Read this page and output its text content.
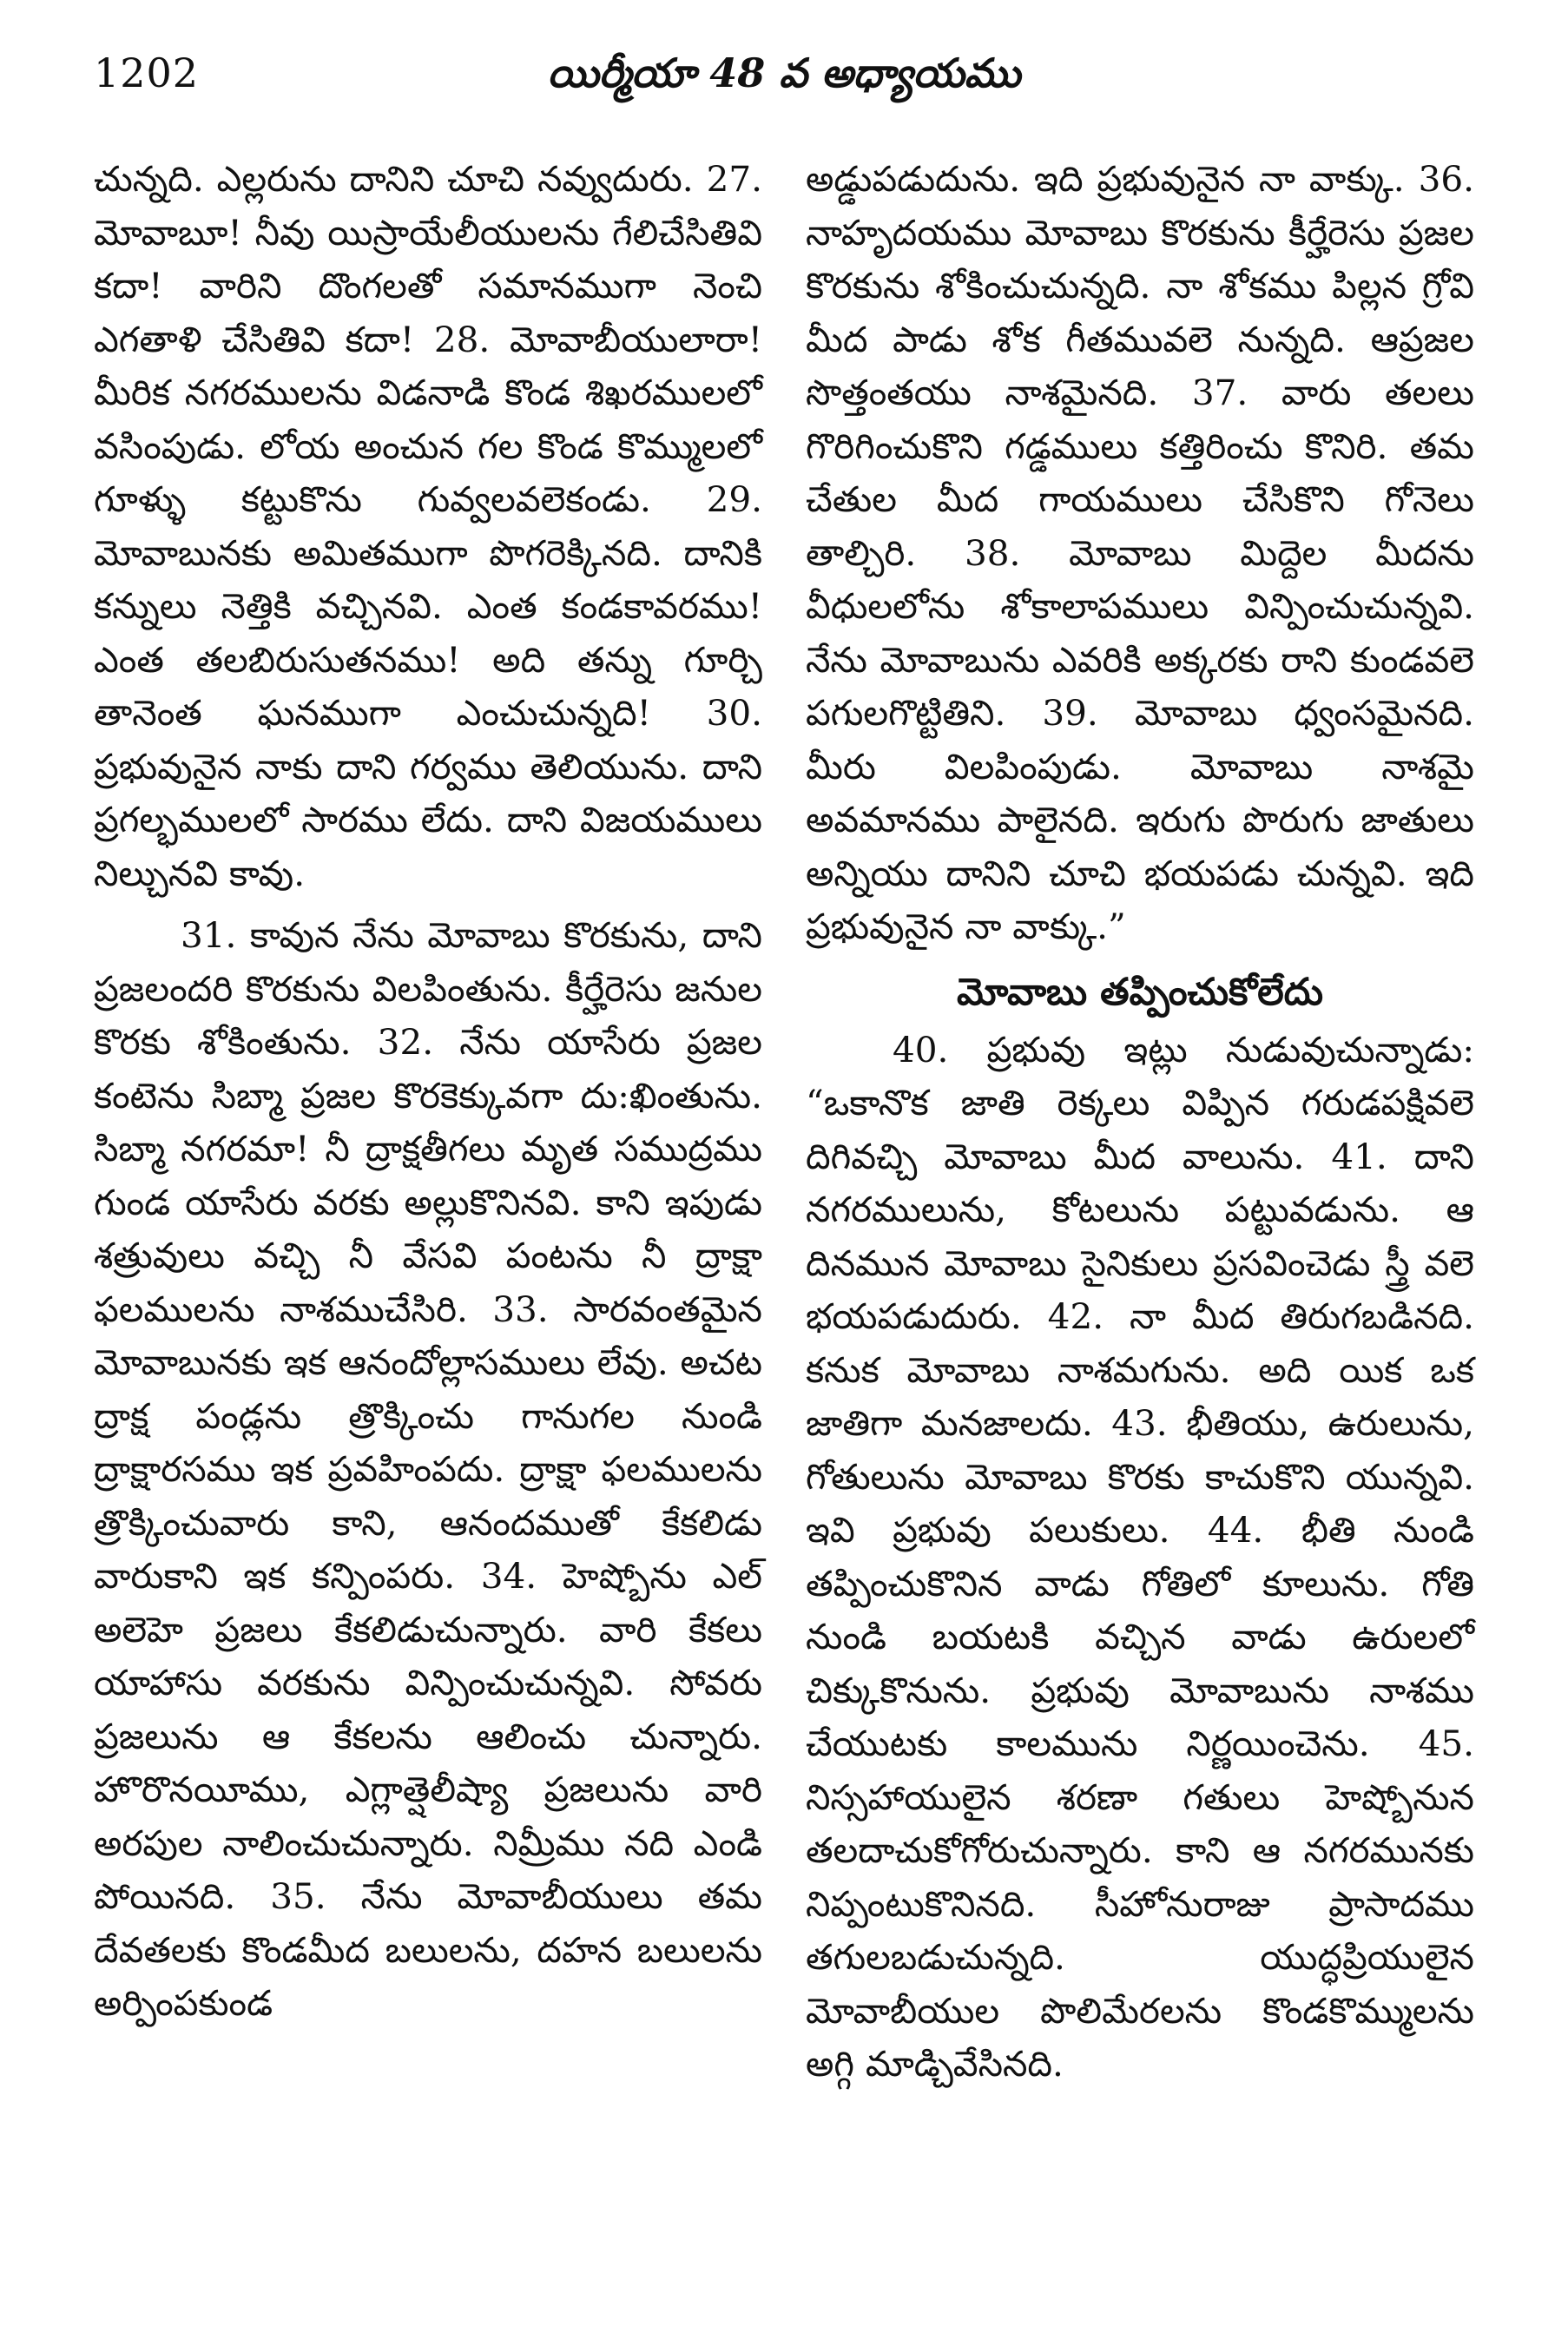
1202	యిర్మీయా 48 వ అధ్యాయము

చున్నది. ఎల్లరును దానిని చూచి నవ్వుదురు. 27. మోవాబూ! నీవు యిస్రాయేలీయులను గేలిచేసితివి కదా! వారిని దొంగలతో సమానముగా నెంచి ఎగతాళి చేసితివి కదా! 28. మోవాబీయులారా! మీరిక నగరములను విడనాడి కొండ శిఖరములలో వసింపుడు. లోయ అంచున గల కొండ కొమ్ములలో గూళ్ళు కట్టుకొను గువ్వలవలెకండు. 29. మోవాబునకు అమితముగా పొగరెక్కినది. దానికి కన్నులు నెత్తికి వచ్చినవి. ఎంత కండకావరము! ఎంత తలబిరుసుతనము! అది తన్ను గూర్చి తానెంత ఘనముగా ఎంచుచున్నది! 30. ప్రభువునైన నాకు దాని గర్వము తెలియును. దాని ప్రగల్భములలో సారము లేదు. దాని విజయములు నిల్చునవి కావు.

31. కావున నేను మోవాబు కొరకును, దాని ప్రజలందరి కొరకును విలపింతును. కీర్హేరెసు జనుల కొరకు శోకింతును. 32. నేను యాసేరు ప్రజల కంటెను సిబ్మా ప్రజల కొరకెక్కువగా దు:ఖింతును. సిబ్మా నగరమా! నీ ద్రాక్షతీగలు మృత సముద్రము గుండ యాసేరు వరకు అల్లుకొనినవి. కాని ఇపుడు శత్రువులు వచ్చి నీ వేసవి పంటను నీ ద్రాక్షా ఫలములను నాశముచేసిరి. 33. సారవంతమైన మోవాబునకు ఇక ఆనందోల్లాసములు లేవు. అచట ద్రాక్ష పండ్లను త్రొక్కించు గానుగల నుండి ద్రాక్షారసము ఇక ప్రవహింపదు. ద్రాక్షా ఫలములను త్రొక్కించువారు కాని, ఆనందముతో కేకలిడు వారుకాని ఇక కన్పింపరు. 34. హెష్బోను ఎల్ అలెహె ప్రజలు కేకలిడుచున్నారు. వారి కేకలు యాహాసు వరకును విన్పించుచున్నవి. సోవరు ప్రజలును ఆ కేకలను ఆలించు చున్నారు. హొరొనయీము, ఎగ్లాత్షెలీష్యా ప్రజలును వారి అరపుల నాలించుచున్నారు. నిమ్రీము నది ఎండి పోయినది. 35. నేను మోవాబీయులు తమ దేవతలకు కొండమీద బలులను, దహన బలులను అర్పింపకుండ

అడ్డుపడుదును. ఇది ప్రభువునైన నా వాక్కు. 36. నాహృదయము మోవాబు కొరకును కీర్హేరెసు ప్రజల కొరకును శోకించుచున్నది. నా శోకము పిల్లన గ్రోవి మీద పాడు శోక గీతమువలె నున్నది. ఆప్రజల సొత్తంతయు నాశమైనది. 37. వారు తలలు గొరిగించుకొని గడ్డములు కత్తిరించు కొనిరి. తమ చేతుల మీద గాయములు చేసికొని గోనెలు తాల్చిరి. 38. మోవాబు మిద్దెల మీదను వీధులలోను శోకాలాపములు విన్పించుచున్నవి. నేను మోవాబును ఎవరికి అక్కరకు రాని కుండవలె పగులగొట్టితిని. 39. మోవాబు ధ్వంసమైనది. మీరు విలపింపుడు. మోవాబు నాశమై అవమానము పాలైనది. ఇరుగు పొరుగు జాతులు అన్నియు దానిని చూచి భయపడు చున్నవి. ఇది ప్రభువునైన నా వాక్కు.”

మోవాబు తప్పించుకోలేదు

40. ప్రభువు ఇట్లు నుడువుచున్నాడు: “ఒకానొక జాతి రెక్కలు విప్పిన గరుడపక్షివలె దిగివచ్చి మోవాబు మీద వాలును. 41. దాని నగరములును, కోటలును పట్టువడును. ఆ దినమున మోవాబు సైనికులు ప్రసవించెడు స్త్రీ వలె భయపడుదురు. 42. నా మీద తిరుగబడినది. కనుక మోవాబు నాశమగును. అది యిక ఒక జాతిగా మనజాలదు. 43. భీతియు, ఉరులును, గోతులును మోవాబు కొరకు కాచుకొని యున్నవి. ఇవి ప్రభువు పలుకులు. 44. భీతి నుండి తప్పించుకొనిన వాడు గోతిలో కూలును. గోతి నుండి బయటకి వచ్చిన వాడు ఉరులలో చిక్కుకొనును. ప్రభువు మోవాబును నాశము చేయుటకు కాలమును నిర్ణయించెను. 45. నిస్సహాయులైన శరణా గతులు హెష్బోనున తలదాచుకోగోరుచున్నారు. కాని ఆ నగరమునకు నిప్పంటుకొనినది. సీహోనురాజు ప్రాసాదము తగులబడుచున్నది. యుద్ధప్రియులైన మోవాబీయుల పొలిమేరలను కొండకొమ్ములను అగ్గి మాడ్చివేసినది.
